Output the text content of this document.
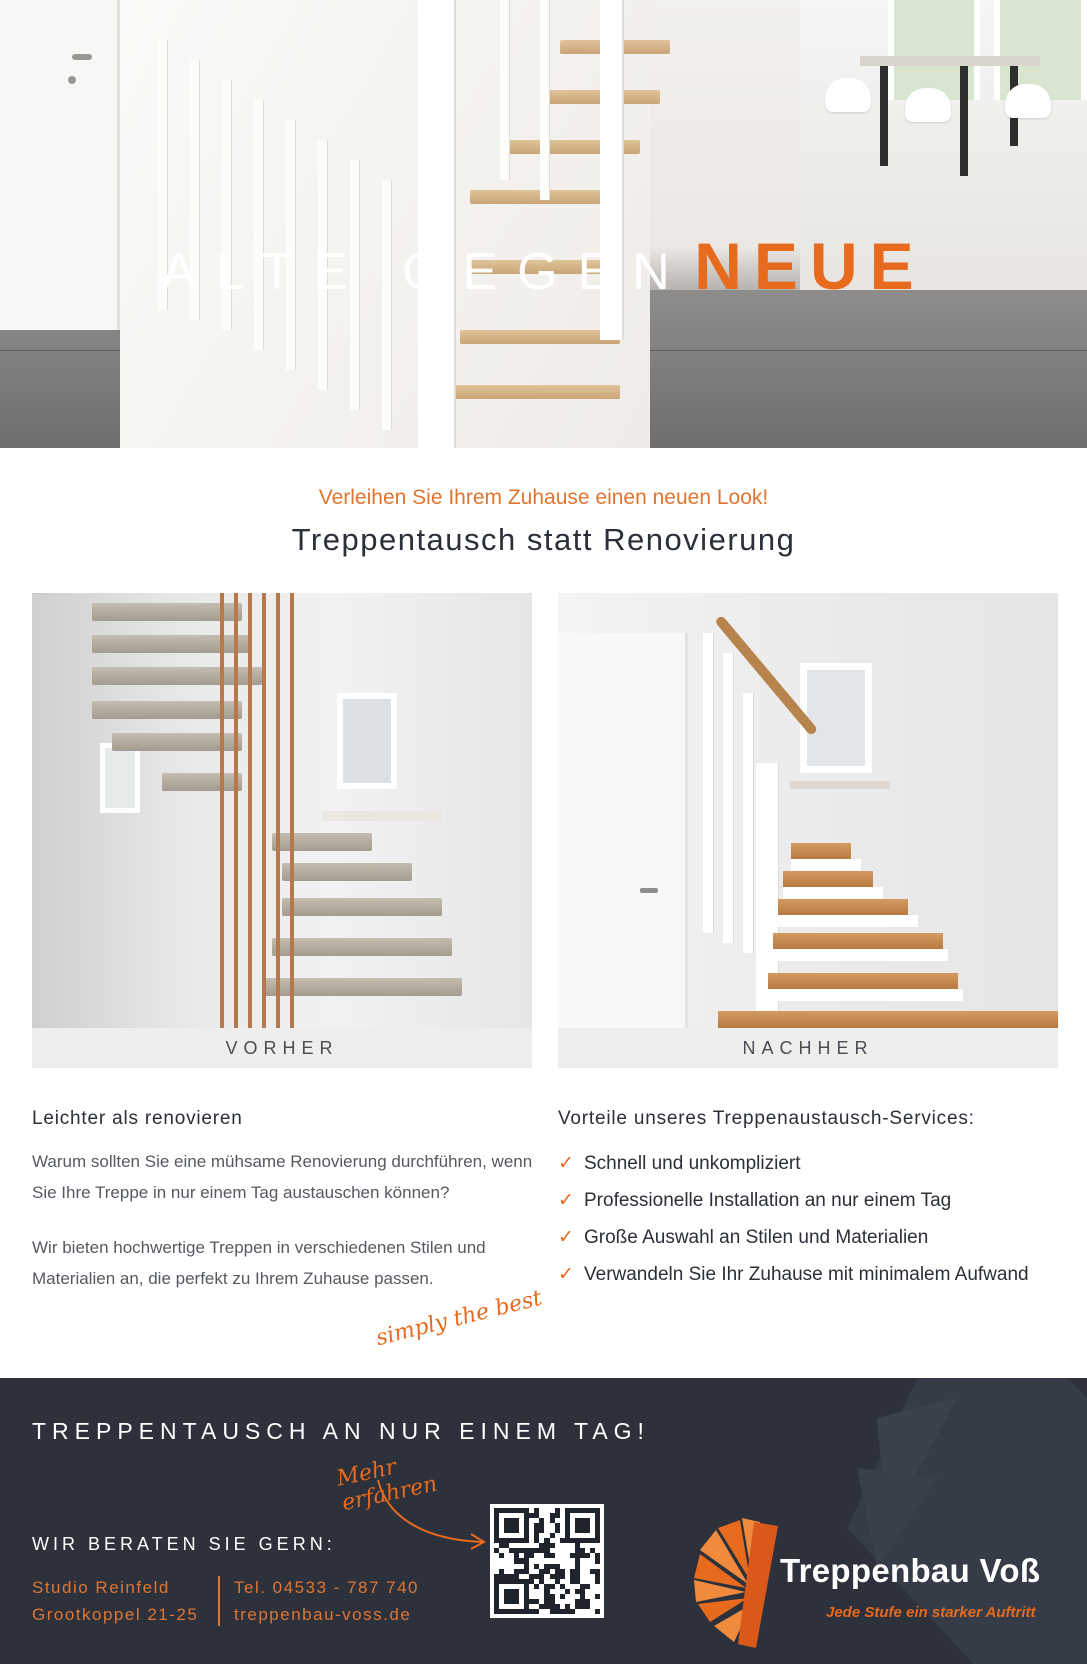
ALTE GEGEN NEUE
Verleihen Sie Ihrem Zuhause einen neuen Look!
Treppentausch statt Renovierung
VORHER	NACHHER
Leichter als renovieren

Warum sollten Sie eine mühsame Renovierung durchführen, wenn Sie Ihre Treppe in nur einem Tag austauschen können?

Wir bieten hochwertige Treppen in verschiedenen Stilen und Materialien an, die perfekt zu Ihrem Zuhause passen.

simply the best
Vorteile unseres Treppenaustausch-Services:
✓ Schnell und unkompliziert
✓ Professionelle Installation an nur einem Tag
✓ Große Auswahl an Stilen und Materialien
✓ Verwandeln Sie Ihr Zuhause mit minimalem Aufwand
TREPPENTAUSCH AN NUR EINEM TAG!
Mehr erfahren
WIR BERATEN SIE GERN:
Studio Reinfeld
Grootkoppel 21-25
Tel. 04533 - 787 740
treppenbau-voss.de
Treppenbau Voß
Jede Stufe ein starker Auftritt
